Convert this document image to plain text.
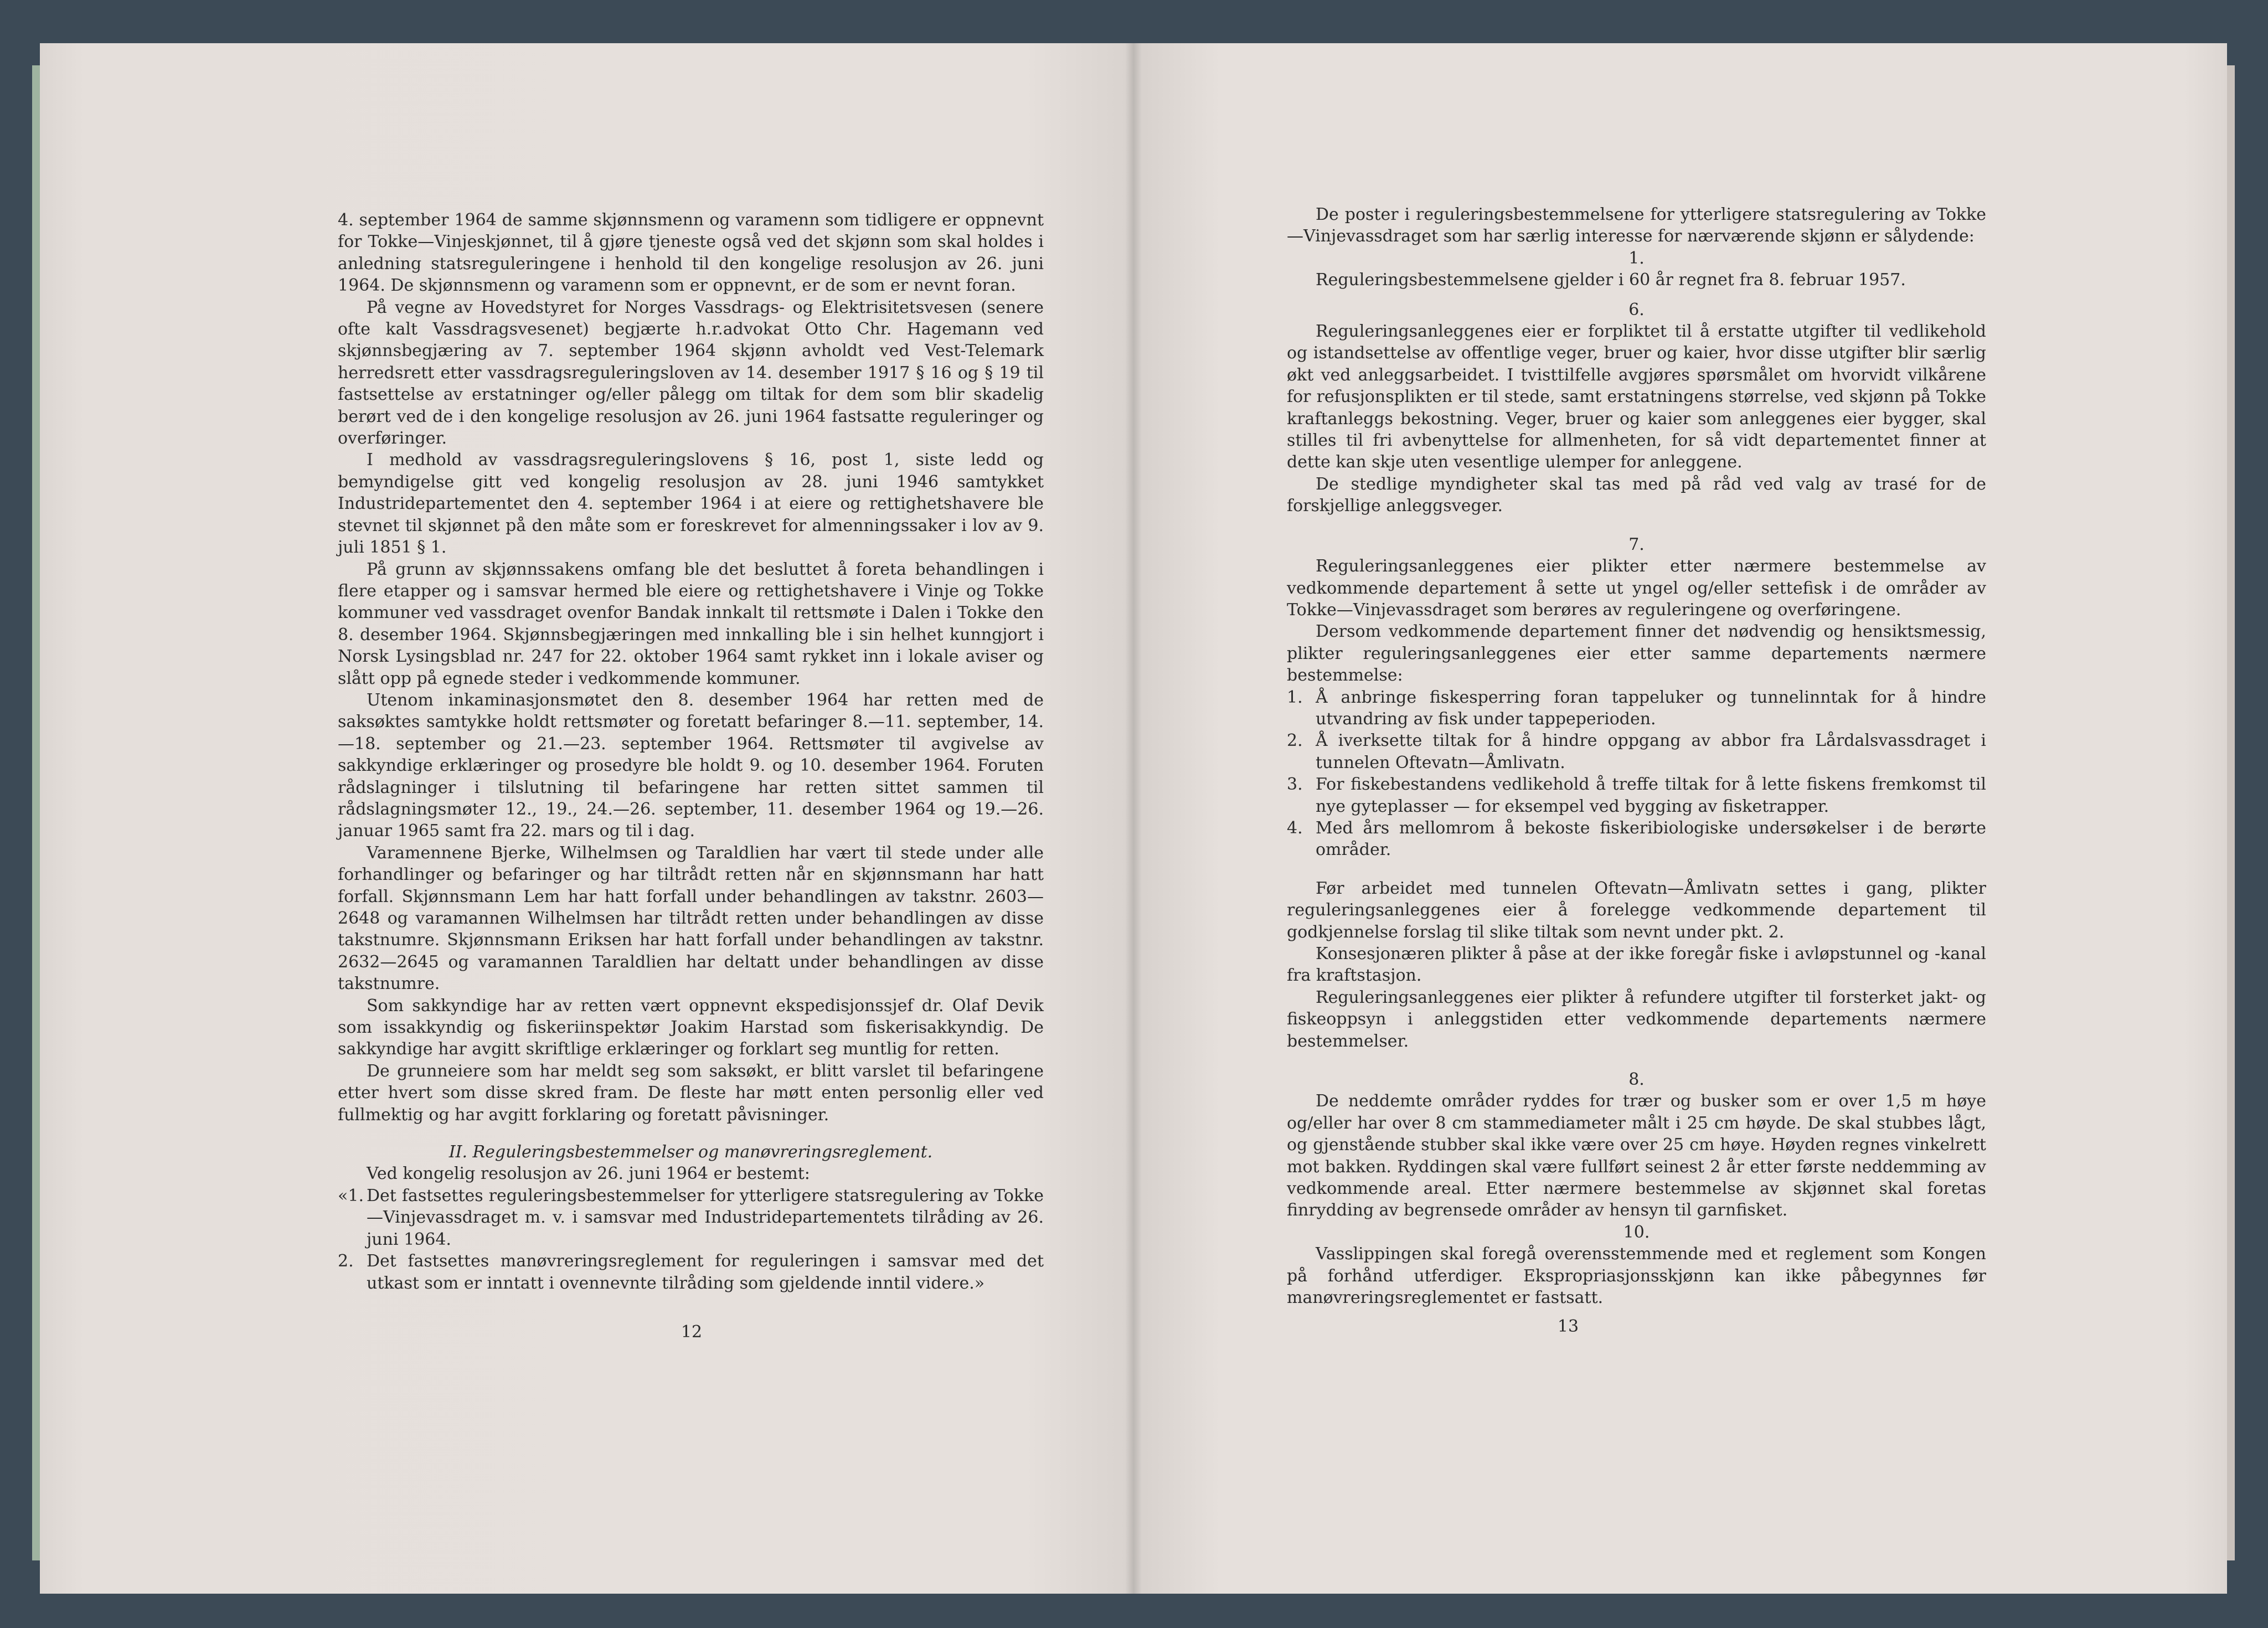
4. september 1964 de samme skjønnsmenn og varamenn som tidligere er oppnevnt for Tokke—Vinjeskjønnet, til å gjøre tjeneste også ved det skjønn som skal holdes i anledning statsreguleringene i henhold til den kongelige resolusjon av 26. juni 1964. De skjønnsmenn og varamenn som er oppnevnt, er de som er nevnt foran.

På vegne av Hovedstyret for Norges Vassdrags- og Elektrisitetsvesen (senere ofte kalt Vassdragsvesenet) begjærte h.r.advokat Otto Chr. Hagemann ved skjønnsbegjæring av 7. september 1964 skjønn avholdt ved Vest-Telemark herredsrett etter vassdragsreguleringsloven av 14. desember 1917 § 16 og § 19 til fastsettelse av erstatninger og/eller pålegg om tiltak for dem som blir skadelig berørt ved de i den kongelige resolusjon av 26. juni 1964 fastsatte reguleringer og overføringer.

I medhold av vassdragsreguleringslovens § 16, post 1, siste ledd og bemyndigelse gitt ved kongelig resolusjon av 28. juni 1946 samtykket Industridepartementet den 4. september 1964 i at eiere og rettighetshavere ble stevnet til skjønnet på den måte som er foreskrevet for almenningssaker i lov av 9. juli 1851 § 1.

På grunn av skjønnssakens omfang ble det besluttet å foreta behandlingen i flere etapper og i samsvar hermed ble eiere og rettighetshavere i Vinje og Tokke kommuner ved vassdraget ovenfor Bandak innkalt til rettsmøte i Dalen i Tokke den 8. desember 1964. Skjønnsbegjæringen med innkalling ble i sin helhet kunngjort i Norsk Lysingsblad nr. 247 for 22. oktober 1964 samt rykket inn i lokale aviser og slått opp på egnede steder i vedkommende kommuner.

Utenom inkaminasjonsmøtet den 8. desember 1964 har retten med de saksøktes samtykke holdt rettsmøter og foretatt befaringer 8.—11. september, 14.—18. september og 21.—23. september 1964. Rettsmøter til avgivelse av sakkyndige erklæringer og prosedyre ble holdt 9. og 10. desember 1964. Foruten rådslagninger i tilslutning til befaringene har retten sittet sammen til rådslagningsmøter 12., 19., 24.—26. september, 11. desember 1964 og 19.—26. januar 1965 samt fra 22. mars og til i dag.

Varamennene Bjerke, Wilhelmsen og Taraldlien har vært til stede under alle forhandlinger og befaringer og har tiltrådt retten når en skjønnsmann har hatt forfall. Skjønnsmann Lem har hatt forfall under behandlingen av takstnr. 2603—2648 og varamannen Wilhelmsen har tiltrådt retten under behandlingen av disse takstnumre. Skjønnsmann Eriksen har hatt forfall under behandlingen av takstnr. 2632—2645 og varamannen Taraldlien har deltatt under behandlingen av disse takstnumre.

Som sakkyndige har av retten vært oppnevnt ekspedisjonssjef dr. Olaf Devik som issakkyndig og fiskeriinspektør Joakim Harstad som fiskerisakkyndig. De sakkyndige har avgitt skriftlige erklæringer og forklart seg muntlig for retten.

De grunneiere som har meldt seg som saksøkt, er blitt varslet til befaringene etter hvert som disse skred fram. De fleste har møtt enten personlig eller ved fullmektig og har avgitt forklaring og foretatt påvisninger.

II. Reguleringsbestemmelser og manøvreringsreglement.

Ved kongelig resolusjon av 26. juni 1964 er bestemt:

«1. Det fastsettes reguleringsbestemmelser for ytterligere statsregulering av Tokke—Vinjevassdraget m. v. i samsvar med Industridepartementets tilråding av 26. juni 1964.
2. Det fastsettes manøvreringsreglement for reguleringen i samsvar med det utkast som er inntatt i ovennevnte tilråding som gjeldende inntil videre.»
12

De poster i reguleringsbestemmelsene for ytterligere statsregulering av Tokke—Vinjevassdraget som har særlig interesse for nærværende skjønn er sålydende:

1.

Reguleringsbestemmelsene gjelder i 60 år regnet fra 8. februar 1957.

6.

Reguleringsanleggenes eier er forpliktet til å erstatte utgifter til vedlikehold og istandsettelse av offentlige veger, bruer og kaier, hvor disse utgifter blir særlig økt ved anleggsarbeidet. I tvisttilfelle avgjøres spørsmålet om hvorvidt vilkårene for refusjonsplikten er til stede, samt erstatningens størrelse, ved skjønn på Tokke kraftanleggs bekostning. Veger, bruer og kaier som anleggenes eier bygger, skal stilles til fri avbenyttelse for allmenheten, for så vidt departementet finner at dette kan skje uten vesentlige ulemper for anleggene.

De stedlige myndigheter skal tas med på råd ved valg av trasé for de forskjellige anleggsveger.

7.

Reguleringsanleggenes eier plikter etter nærmere bestemmelse av vedkommende departement å sette ut yngel og/eller settefisk i de områder av Tokke—Vinjevassdraget som berøres av reguleringene og overføringene.

Dersom vedkommende departement finner det nødvendig og hensiktsmessig, plikter reguleringsanleggenes eier etter samme departements nærmere bestemmelse:

1. Å anbringe fiskesperring foran tappeluker og tunnelinntak for å hindre utvandring av fisk under tappeperioden.
2. Å iverksette tiltak for å hindre oppgang av abbor fra Lårdalsvassdraget i tunnelen Oftevatn—Åmlivatn.
3. For fiskebestandens vedlikehold å treffe tiltak for å lette fiskens fremkomst til nye gyteplasser — for eksempel ved bygging av fisketrapper.
4. Med års mellomrom å bekoste fiskeribiologiske undersøkelser i de berørte områder.

Før arbeidet med tunnelen Oftevatn—Åmlivatn settes i gang, plikter reguleringsanleggenes eier å forelegge vedkommende departement til godkjennelse forslag til slike tiltak som nevnt under pkt. 2.

Konsesjonæren plikter å påse at der ikke foregår fiske i avløpstunnel og -kanal fra kraftstasjon.

Reguleringsanleggenes eier plikter å refundere utgifter til forsterket jakt- og fiskeoppsyn i anleggstiden etter vedkommende departements nærmere bestemmelser.

8.

De neddemte områder ryddes for trær og busker som er over 1,5 m høye og/eller har over 8 cm stammediameter målt i 25 cm høyde. De skal stubbes lågt, og gjenstående stubber skal ikke være over 25 cm høye. Høyden regnes vinkelrett mot bakken. Ryddingen skal være fullført seinest 2 år etter første neddemming av vedkommende areal. Etter nærmere bestemmelse av skjønnet skal foretas finrydding av begrensede områder av hensyn til garnfisket.

10.

Vasslippingen skal foregå overensstemmende med et reglement som Kongen på forhånd utferdiger. Ekspropriasjonsskjønn kan ikke påbegynnes før manøvreringsreglementet er fastsatt.

13
